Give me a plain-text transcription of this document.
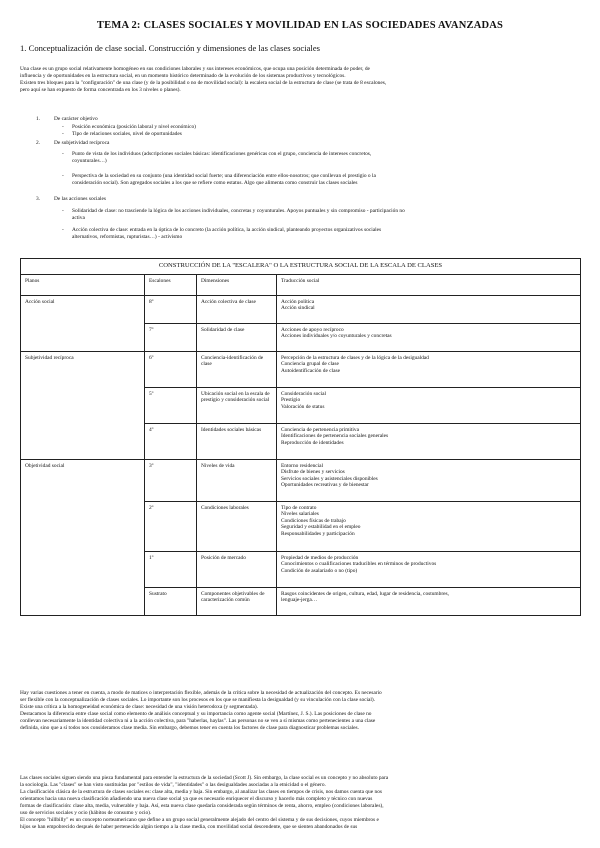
TEMA 2: CLASES SOCIALES Y MOVILIDAD EN LAS SOCIEDADES AVANZADAS
1. Conceptualización de clase social. Construcción y dimensiones de las clases sociales
Una clase es un grupo social relativamente homogéneo en sus condiciones laborales y sus intereses económicos, que ocupa una posición determinada de poder, de
influencia y de oportunidades en la estructura social, en un momento histórico determinado de la evolución de los sistemas productivos y tecnológicos.
Existen tres bloques para la "configuración" de una clase (y de la posibilidad o no de movilidad social): la escalera social de la estructura de clase (se trata de 8 escalones,
pero aquí se han expuesto de forma concentrada en los 3 niveles o planes).
1.	De carácter objetivo
- Posición económica (posición laboral y nivel económico)
- Tipo de relaciones sociales, nivel de oportunidades
2.	De subjetividad recíproca
- Punto de vista de los individuos (adscripciones sociales básicas: identificaciones genéricas con el grupo, conciencia de intereses concretos,
coyunturales…)
- Perspectiva de la sociedad en su conjunto (una identidad social fuerte; una diferenciación entre ellos-nosotros; que conllevan el prestigio o la
consideración social). Son agregados sociales a los que se refiere como estatus. Algo que alimenta como construir las clases sociales
3.	De las acciones sociales
- Solidaridad de clase: no trasciende la lógica de los acciones individuales, concretas y coyunturales. Apoyos puntuales y sin compromiso - participación no
activa
- Acción colectiva de clase: entrada en la óptica de lo concreto (la acción política, la acción sindical, planteando proyectos organizativos sociales
alternativos, reformistas, rupturistas…) - activismo
CONSTRUCCIÓN DE LA "ESCALERA" O LA ESTRUCTURA SOCIAL DE LA ESCALA DE CLASES			
Planos	Escalones	Dimensiones	Traducción social
Acción social	8º	Acción colectiva de clase	Acción política
Acción sindical

	7º	Solidaridad de clase	Acciones de apoyo recíproco
Acciones individuales y/o coyunturales y concretas

Subjetividad recíproca	6º	Conciencia-identificación de clase	Percepción de la estructura de clases y de la lógica de la desigualdad
Conciencia grupal de clase
Autoidentificación de clase

	5º	Ubicación social en la escala de prestigio y consideración social	Consideración social
Prestigio
Valoración de status

	4º	Identidades sociales básicas	Conciencia de pertenencia primitiva
Identificaciones de pertenencia sociales generales
Reproducción de identidades

Objetividad social	3º	Niveles de vida	Entorno residencial
Disfrute de bienes y servicios
Servicios sociales y asistenciales disponibles
Oportunidades recreativas y de bienestar

	2º	Condiciones laborales	Tipo de contrato
Niveles salariales
Condiciones físicas de trabajo
Seguridad y estabilidad en el empleo
Responsabilidades y participación

	1º	Posición de mercado	Propiedad de medios de producción
Conocimientos o cualificaciones traducibles en términos de productivos
Condición de asalariado o no (tipo)

	Sustrato	Componentes objetivables de caracterización común	Rasgos coincidentes de origen, cultura, edad, lugar de residencia, costumbres,
lenguaje-jerga…
Hay varias cuestiones a tener en cuenta, a modo de matices o interpretación flexible, además de la crítica sobre la necesidad de actualización del concepto. Es necesario
ser flexible con la conceptualización de clases sociales. Lo importante son los procesos en los que se manifiesta la desigualdad (y su vinculación con la clase social).
Existe una crítica a la homogeneidad económica de clase: necesidad de una visión heterodoxa (y segmentada).
Destacamos la diferencia entre clase social como elemento de análisis conceptual y su importancia como agente social (Martínez, J. S.). Las posiciones de clase no
conllevan necesariamente la identidad colectiva ni a la acción colectiva, para "haberlas, haylas". Las personas no se ven a sí mismas como pertenecientes a una clase
definida, sino que a sí todos nos consideramos clase media. Sin embargo, debemos tener en cuenta los factores de clase para diagnosticar problemas sociales.
Las clases sociales siguen siendo una pieza fundamental para entender la estructura de la sociedad (Scott J). Sin embargo, la clase social es un concepto y no absoluto para
la sociología. Las "clases" se han visto sustituidas por "estilos de vida", "identidades" o las desigualdades asociadas a la etnicidad o el género.
La clasificación clásica de la estructura de clases sociales es: clase alta, media y baja. Sin embargo, al analizar las clases en tiempos de crisis, nos damos cuenta que nos
orientamos hacia una nueva clasificación añadiendo una nueva clase social ya que es necesario enriquecer el discurso y hacerlo más completo y técnico con nuevas
formas de clasificación: clase alta, media, vulnerable y baja. Así, esta nueva clase quedaría considerada según términos de renta, ahorro, empleo (condiciones laborales),
uso de servicios sociales y ocio (hábitos de consumo y ocio).
El concepto "hillbilly" es un concepto norteamericano que define a un grupo social generalmente alejado del centro del sistema y de sus decisiones, cuyos miembros e
hijos se han empobrecido después de haber pertenecido algún tiempo a la clase media, con movilidad social descendente, que se sienten abandonados de sus
